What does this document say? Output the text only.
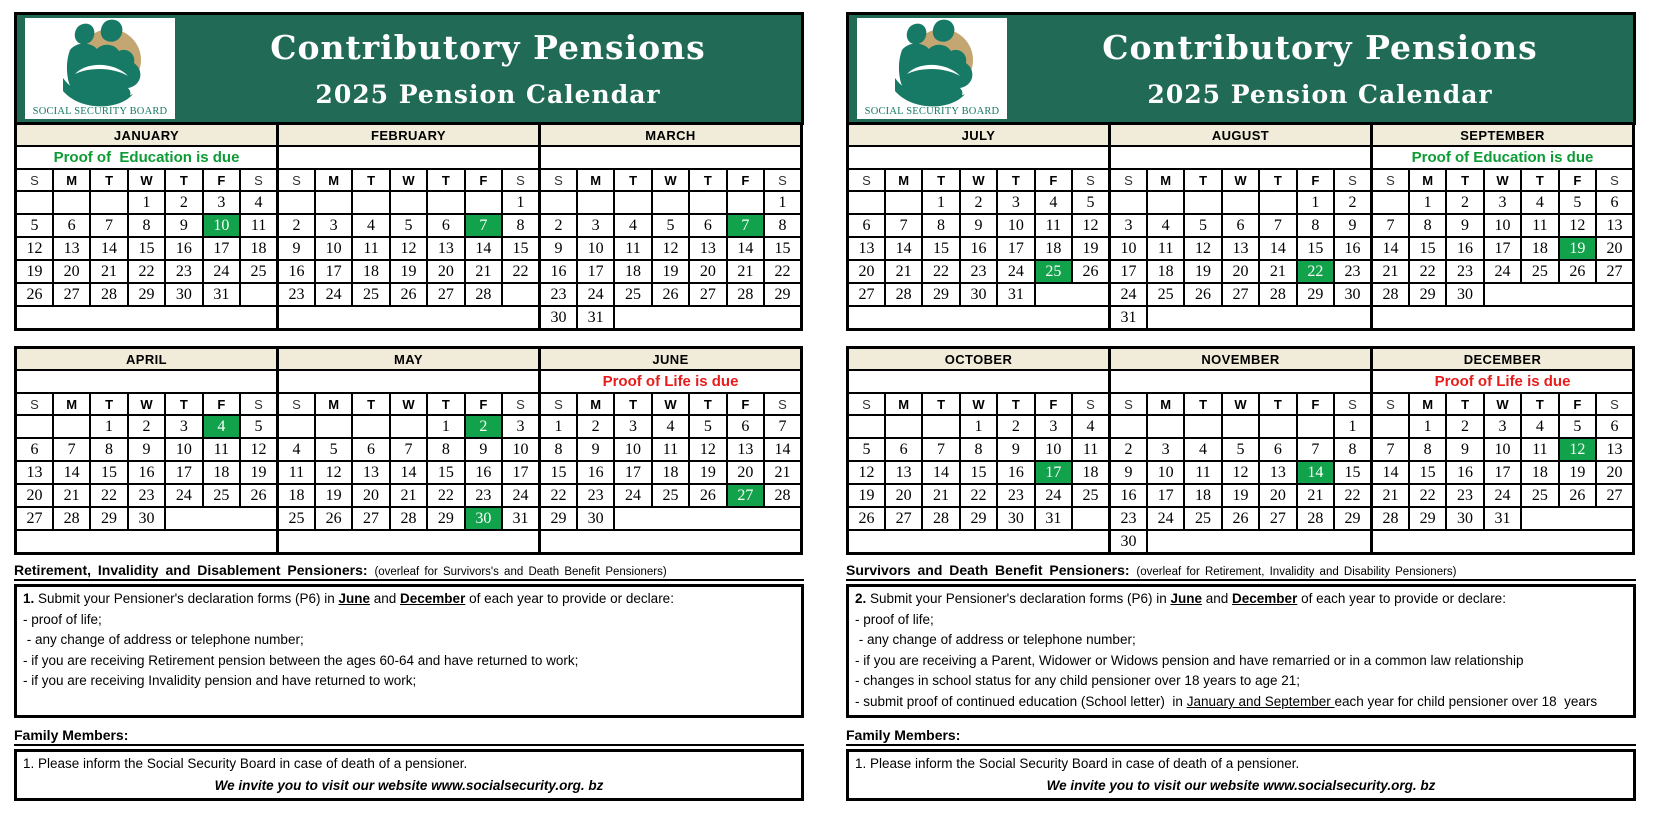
SOCIAL SECURITY BOARD
Contributory Pensions
2025 Pension Calendar
JANUARY						
Proof of  Education is due						
S	M	T	W	T	F	S
			1	2	3	4
5	6	7	8	9	10	11
12	13	14	15	16	17	18
19	20	21	22	23	24	25
26	27	28	29	30	31	

FEBRUARY						

S	M	T	W	T	F	S
						1
2	3	4	5	6	7	8
9	10	11	12	13	14	15
16	17	18	19	20	21	22
23	24	25	26	27	28	

MARCH						

S	M	T	W	T	F	S
						1
2	3	4	5	6	7	8
9	10	11	12	13	14	15
16	17	18	19	20	21	22
23	24	25	26	27	28	29
30	31					
APRIL						

S	M	T	W	T	F	S
		1	2	3	4	5
6	7	8	9	10	11	12
13	14	15	16	17	18	19
20	21	22	23	24	25	26
27	28	29	30			

MAY						

S	M	T	W	T	F	S
				1	2	3
4	5	6	7	8	9	10
11	12	13	14	15	16	17
18	19	20	21	22	23	24
25	26	27	28	29	30	31

JUNE						
Proof of Life is due						
S	M	T	W	T	F	S
1	2	3	4	5	6	7
8	9	10	11	12	13	14
15	16	17	18	19	20	21
22	23	24	25	26	27	28
29	30					

Retirement, Invalidity and Disablement Pensioners: (overleaf for Survivors's and Death Benefit Pensioners)
1. Submit your Pensioner's declaration forms (P6) in June and December of each year to provide or declare:
- proof of life;
- any change of address or telephone number;
- if you are receiving Retirement pension between the ages 60-64 and have returned to work;
- if you are receiving Invalidity pension and have returned to work;
Family Members:
1. Please inform the Social Security Board in case of death of a pensioner.
We invite you to visit our website www.socialsecurity.org. bz
SOCIAL SECURITY BOARD
Contributory Pensions
2025 Pension Calendar
JULY						

S	M	T	W	T	F	S
		1	2	3	4	5
6	7	8	9	10	11	12
13	14	15	16	17	18	19
20	21	22	23	24	25	26
27	28	29	30	31		

AUGUST						

S	M	T	W	T	F	S
					1	2
3	4	5	6	7	8	9
10	11	12	13	14	15	16
17	18	19	20	21	22	23
24	25	26	27	28	29	30
31						
SEPTEMBER						
Proof of Education is due						
S	M	T	W	T	F	S
	1	2	3	4	5	6
7	8	9	10	11	12	13
14	15	16	17	18	19	20
21	22	23	24	25	26	27
28	29	30				

OCTOBER						

S	M	T	W	T	F	S
			1	2	3	4
5	6	7	8	9	10	11
12	13	14	15	16	17	18
19	20	21	22	23	24	25
26	27	28	29	30	31	

NOVEMBER						

S	M	T	W	T	F	S
						1
2	3	4	5	6	7	8
9	10	11	12	13	14	15
16	17	18	19	20	21	22
23	24	25	26	27	28	29
30						
DECEMBER						
Proof of Life is due						
S	M	T	W	T	F	S
	1	2	3	4	5	6
7	8	9	10	11	12	13
14	15	16	17	18	19	20
21	22	23	24	25	26	27
28	29	30	31			

Survivors and Death Benefit Pensioners: (overleaf for Retirement, Invalidity and Disability Pensioners)
2. Submit your Pensioner's declaration forms (P6) in June and December of each year to provide or declare:
- proof of life;
- any change of address or telephone number;
- if you are receiving a Parent, Widower or Widows pension and have remarried or in a common law relationship
- changes in school status for any child pensioner over 18 years to age 21;
- submit proof of continued education (School letter)  in January and September each year for child pensioner over 18  years
Family Members:
1. Please inform the Social Security Board in case of death of a pensioner.
We invite you to visit our website www.socialsecurity.org. bz
